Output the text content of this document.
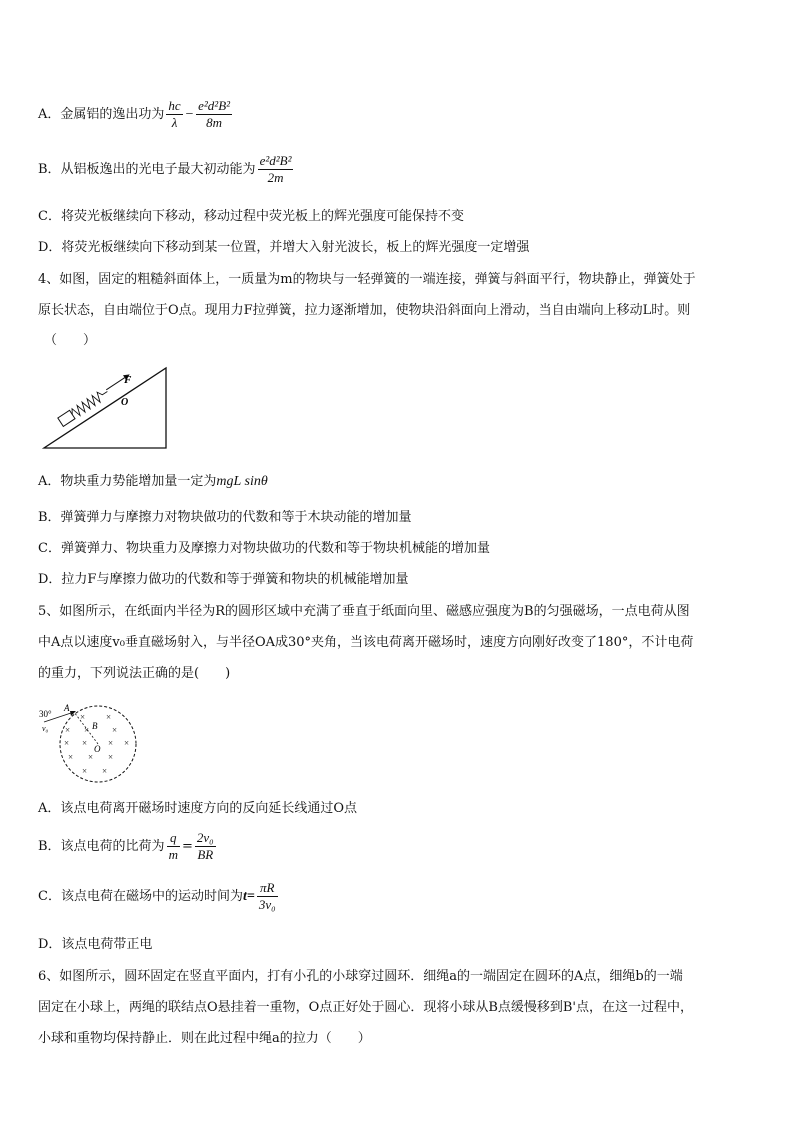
A．金属铝的逸出功为 $\frac{hc}{\lambda} - \frac{\text{e²d²B²}}{8m}$
B．从铝板逸出的光电子最大初动能为 $\frac{\text{e²d²B²}}{2m}$
C．将荧光板继续向下移动，移动过程中荧光板上的辉光强度可能保持不变
D．将荧光板继续向下移动到某一位置，并增大入射光波长，板上的辉光强度一定增强
4、如图，固定的粗糙斜面体上，一质量为m的物块与一轻弹簧的一端连接，弹簧与斜面平行，物块静止，弹簧处于
原长状态，自由端位于O点。现用力F拉弹簧，拉力逐渐增加，使物块沿斜面向上滑动，当自由端向上移动L时。则
（　　）
F
O
A．物块重力势能增加量一定为mgL sinθ
B．弹簧弹力与摩擦力对物块做功的代数和等于木块动能的增加量
C．弹簧弹力、物块重力及摩擦力对物块做功的代数和等于物块机械能的增加量
D．拉力F与摩擦力做功的代数和等于弹簧和物块的机械能增加量
5、如图所示，在纸面内半径为R的圆形区域中充满了垂直于纸面向里、磁感应强度为B的匀强磁场，一点电荷从图
中A点以速度v₀垂直磁场射入，与半径OA成30°夹角，当该电荷离开磁场时，速度方向刚好改变了180°，不计电荷
的重力，下列说法正确的是(　　)
30°
A
v₀	B
O
× ×
× ×	×
× × × ×
× × ×
× ×
A．该点电荷离开磁场时速度方向的反向延长线通过O点
B．该点电荷的比荷为 $\frac{q}{m} = \frac{\text{2v₀}}{BR}$
C．该点电荷在磁场中的运动时间为$t= \frac{\pi R}{\text{3v₀}}$
D．该点电荷带正电
6、如图所示，圆环固定在竖直平面内，打有小孔的小球穿过圆环．细绳a的一端固定在圆环的A点，细绳b的一端
固定在小球上，两绳的联结点O悬挂着一重物，O点正好处于圆心．现将小球从B点缓慢移到B'点，在这一过程中，
小球和重物均保持静止．则在此过程中绳a的拉力（　　）
